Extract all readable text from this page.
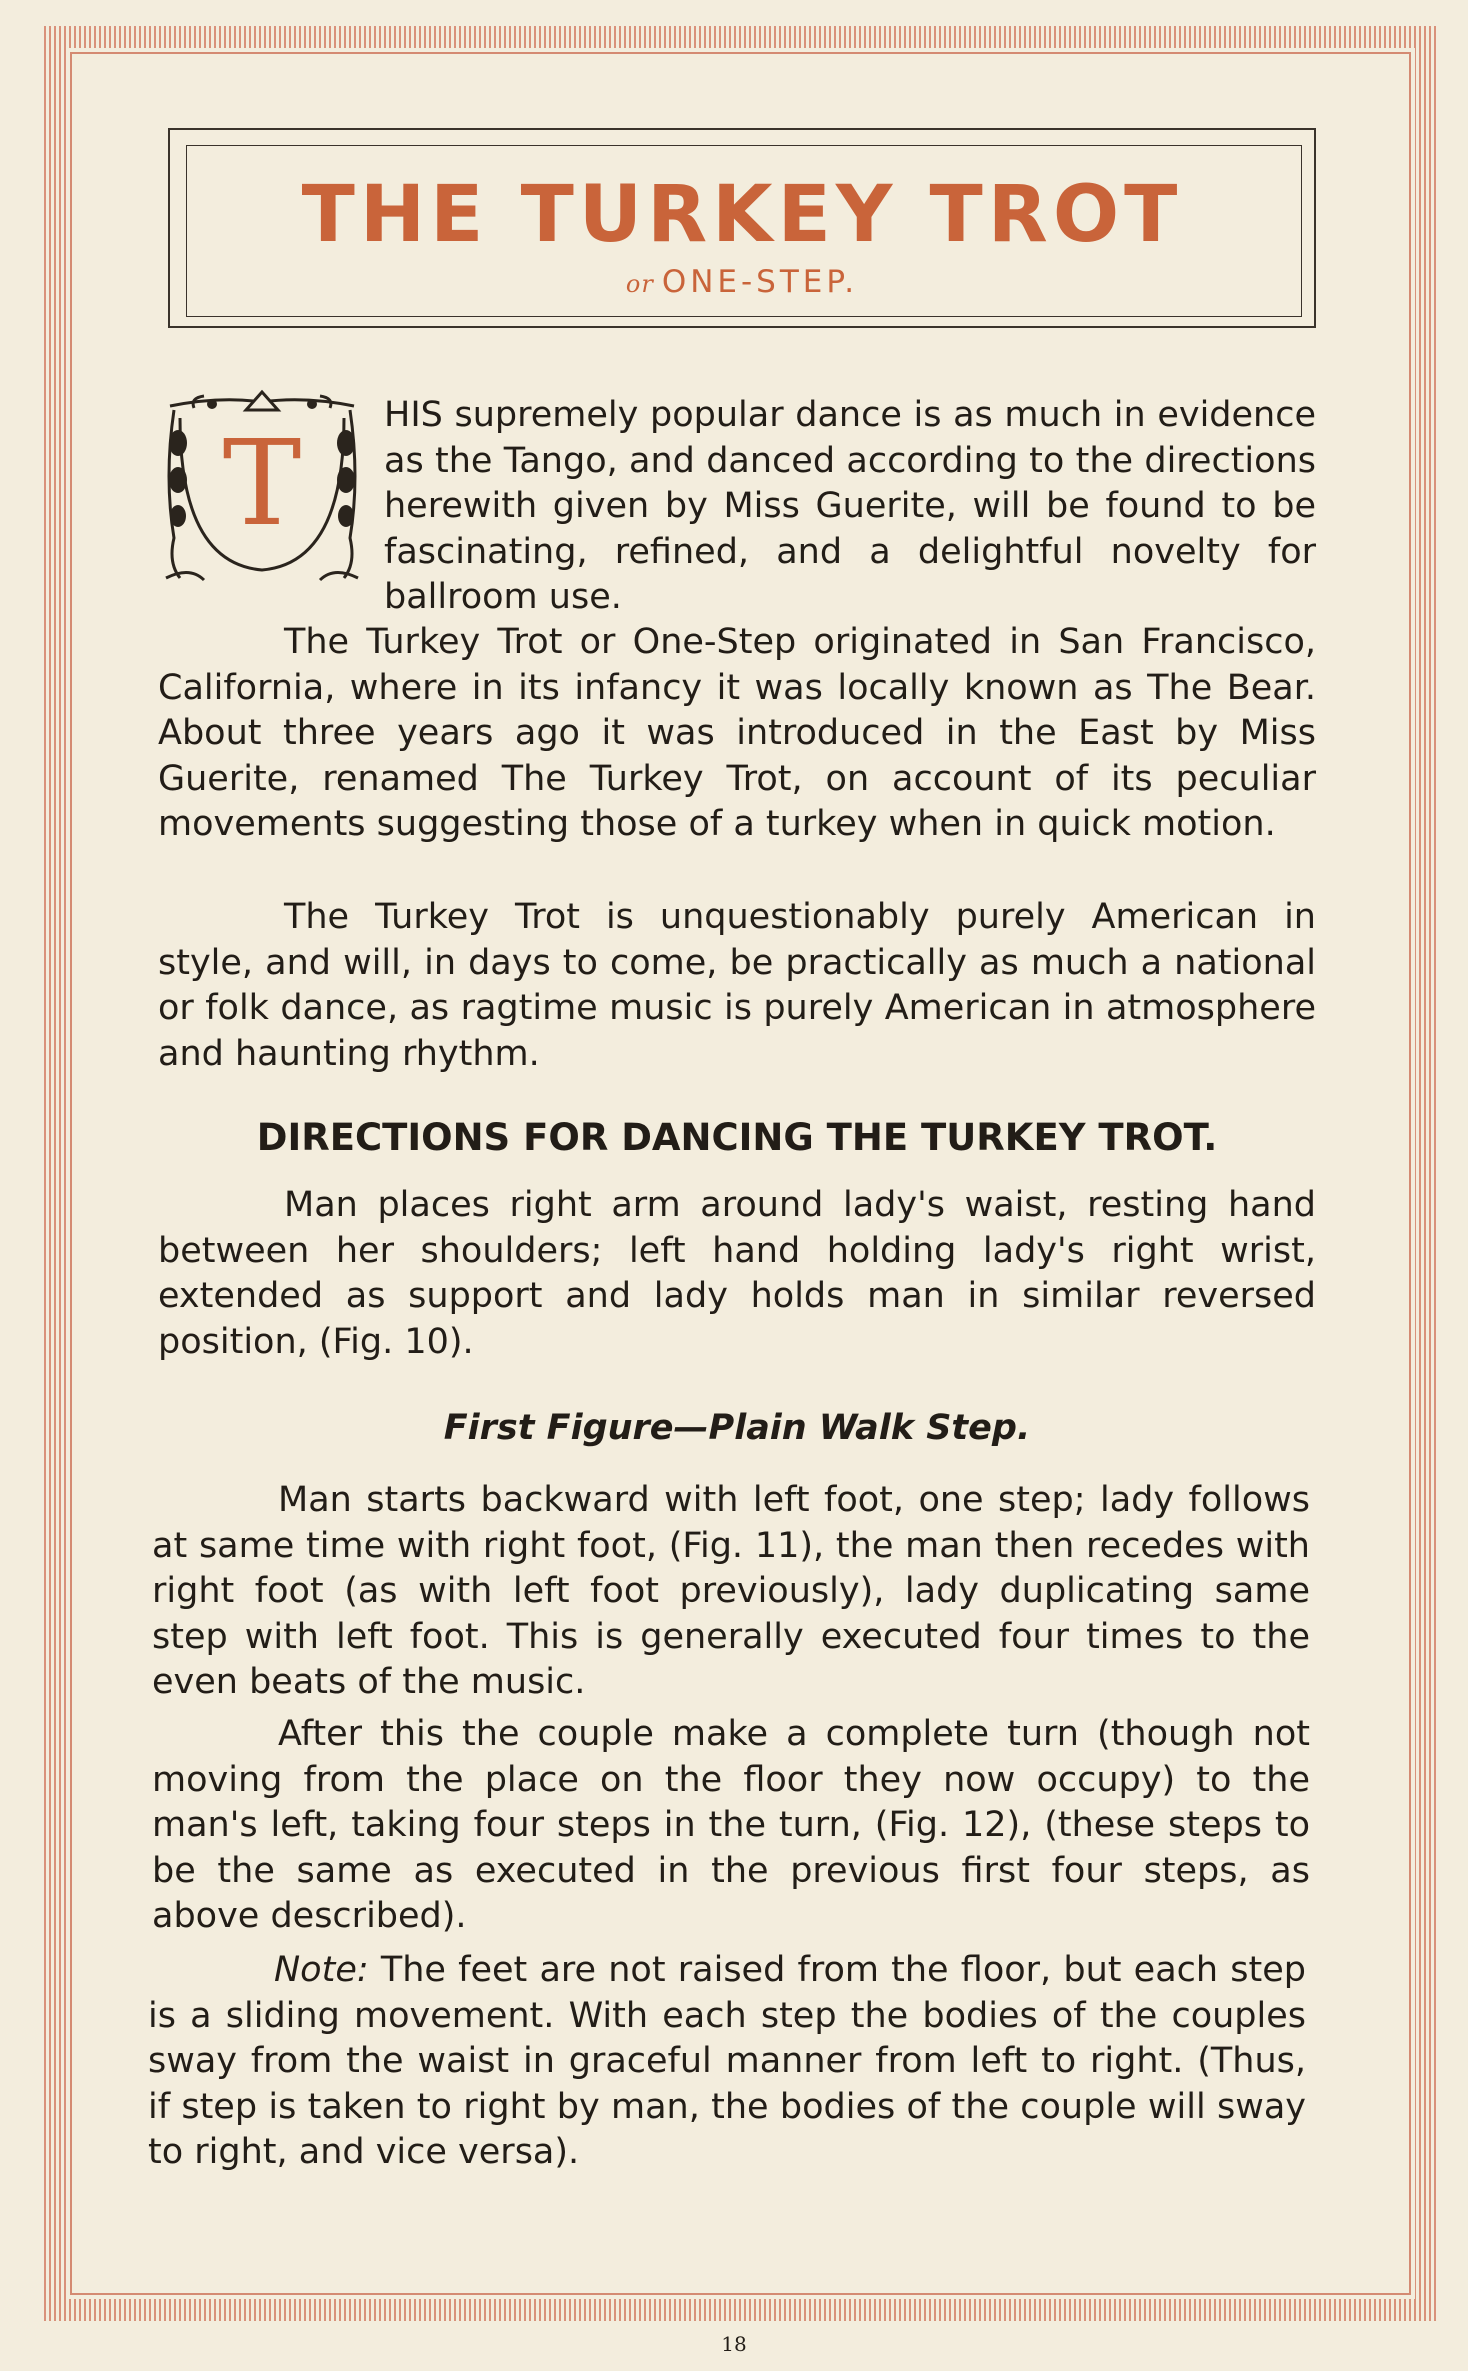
THE TURKEY TROT

or ONE-STEP.

T	HIS supremely popular dance is as much in evidence as the Tango, and danced according to the directions herewith given by Miss Guerite, will be found to be fascinating, refined, and a delightful novelty for ballroom use.

The Turkey Trot or One-Step originated in San Francisco, California, where in its infancy it was locally known as The Bear. About three years ago it was introduced in the East by Miss Guerite, renamed The Turkey Trot, on account of its peculiar movements suggesting those of a turkey when in quick motion.

The Turkey Trot is unquestionably purely American in style, and will, in days to come, be practically as much a national or folk dance, as ragtime music is purely American in atmosphere and haunting rhythm.

DIRECTIONS FOR DANCING THE TURKEY TROT.

Man places right arm around lady's waist, resting hand between her shoulders; left hand holding lady's right wrist, extended as support and lady holds man in similar reversed position, (Fig. 10).

First Figure—Plain Walk Step.

Man starts backward with left foot, one step; lady follows at same time with right foot, (Fig. 11), the man then recedes with right foot (as with left foot previously), lady duplicating same step with left foot. This is generally executed four times to the even beats of the music.

After this the couple make a complete turn (though not moving from the place on the floor they now occupy) to the man's left, taking four steps in the turn, (Fig. 12), (these steps to be the same as executed in the previous first four steps, as above described).

Note: The feet are not raised from the floor, but each step is a sliding movement. With each step the bodies of the couples sway from the waist in graceful manner from left to right. (Thus, if step is taken to right by man, the bodies of the couple will sway to right, and vice versa).

18
